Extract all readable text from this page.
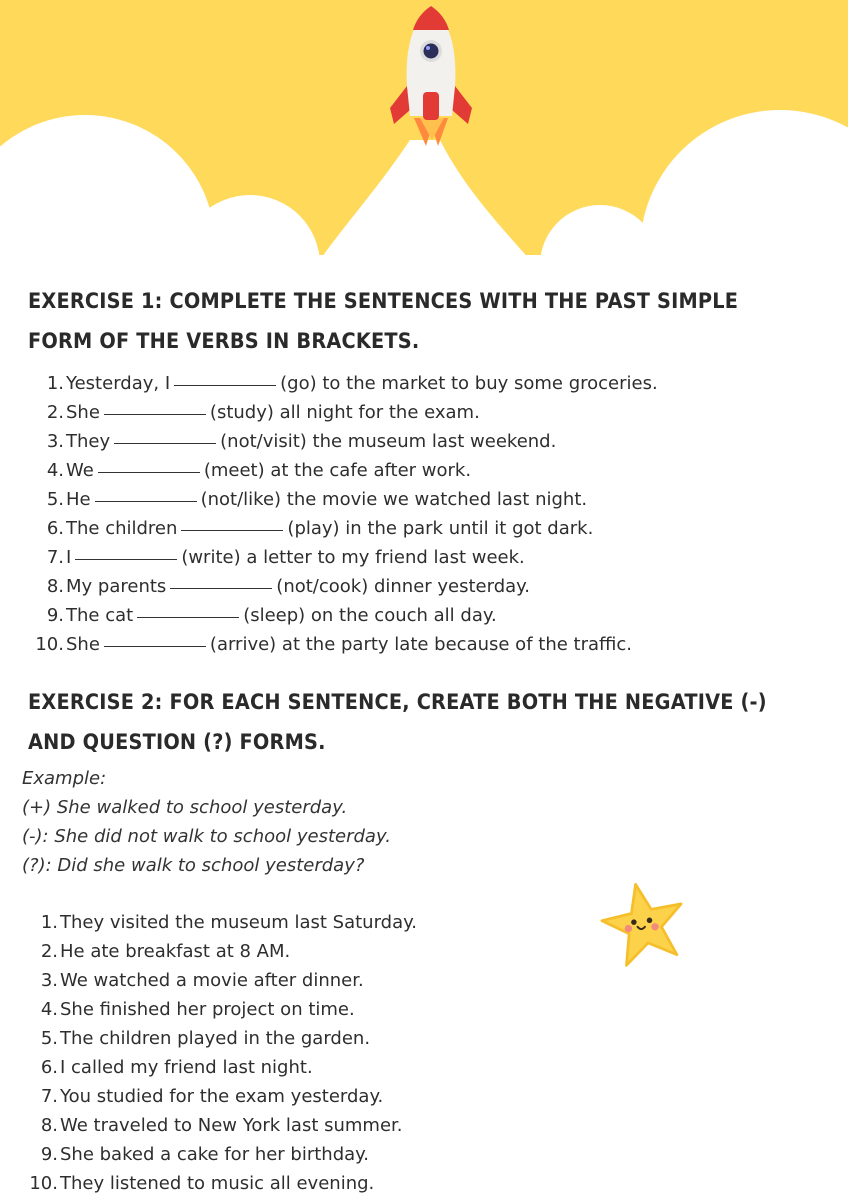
EXERCISE 1: COMPLETE THE SENTENCES WITH THE PAST SIMPLE FORM OF THE VERBS IN BRACKETS.
1. Yesterday, I	(go) to the market to buy some groceries.
2. She	(study) all night for the exam.
3. They	(not/visit) the museum last weekend.
4. We	(meet) at the cafe after work.
5. He	(not/like) the movie we watched last night.
6. The children	(play) in the park until it got dark.
7. I	(write) a letter to my friend last week.
8. My parents	(not/cook) dinner yesterday.
9. The cat	(sleep) on the couch all day.
10. She	(arrive) at the party late because of the traffic.
EXERCISE 2: FOR EACH SENTENCE, CREATE BOTH THE NEGATIVE (-) AND QUESTION (?) FORMS.
Example:
(+) She walked to school yesterday.
(-): She did not walk to school yesterday.
(?): Did she walk to school yesterday?
1. They visited the museum last Saturday.
2. He ate breakfast at 8 AM.
3. We watched a movie after dinner.
4. She finished her project on time.
5. The children played in the garden.
6. I called my friend last night.
7. You studied for the exam yesterday.
8. We traveled to New York last summer.
9. She baked a cake for her birthday.
10. They listened to music all evening.
